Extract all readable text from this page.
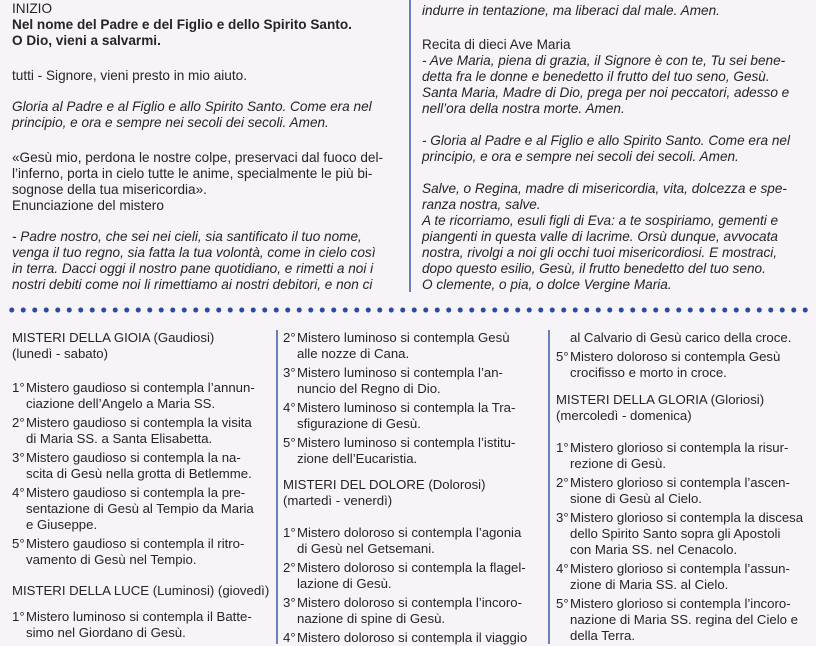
INIZIO

Nel nome del Padre e del Figlio e dello Spirito Santo.

O Dio, vieni a salvarmi.

tutti - Signore, vieni presto in mio aiuto.

Gloria al Padre e al Figlio e allo Spirito Santo. Come era nel
principio, e ora e sempre nei secoli dei secoli. Amen.

«Gesù mio, perdona le nostre colpe, preservaci dal fuoco del-
l’inferno, porta in cielo tutte le anime, specialmente le più bi-
sognose della tua misericordia».

Enunciazione del mistero

- Padre nostro, che sei nei cieli, sia santificato il tuo nome,
venga il tuo regno, sia fatta la tua volontà, come in cielo così
in terra. Dacci oggi il nostro pane quotidiano, e rimetti a noi i
nostri debiti come noi li rimettiamo ai nostri debitori, e non ci

indurre in tentazione, ma liberaci dal male. Amen.

Recita di dieci Ave Maria

- Ave Maria, piena di grazia, il Signore è con te, Tu sei bene-
detta fra le donne e benedetto il frutto del tuo seno, Gesù.
Santa Maria, Madre di Dio, prega per noi peccatori, adesso e
nell’ora della nostra morte. Amen.

- Gloria al Padre e al Figlio e allo Spirito Santo. Come era nel
principio, e ora e sempre nei secoli dei secoli. Amen.

Salve, o Regina, madre di misericordia, vita, dolcezza e spe-
ranza nostra, salve.
A te ricorriamo, esuli figli di Eva: a te sospiriamo, gementi e
piangenti in questa valle di lacrime. Orsù dunque, avvocata
nostra, rivolgi a noi gli occhi tuoi misericordiosi. E mostraci,
dopo questo esilio, Gesù, il frutto benedetto del tuo seno.
O clemente, o pia, o dolce Vergine Maria.

MISTERI DELLA GIOIA (Gaudiosi)

(lunedì - sabato)

1° Mistero gaudioso si contempla l’annun-
ciazione dell’Angelo a Maria SS.
2° Mistero gaudioso si contempla la visita
di Maria SS. a Santa Elisabetta.
3° Mistero gaudioso si contempla la na-
scita di Gesù nella grotta di Betlemme.
4° Mistero gaudioso si contempla la pre-
sentazione di Gesù al Tempio da Maria
e Giuseppe.
5° Mistero gaudioso si contempla il ritro-
vamento di Gesù nel Tempio.

MISTERI DELLA LUCE (Luminosi) (giovedì)

1° Mistero luminoso si contempla il Batte-
simo nel Giordano di Gesù.
2° Mistero luminoso si contempla Gesù
alle nozze di Cana.
3° Mistero luminoso si contempla l’an-
nuncio del Regno di Dio.
4° Mistero luminoso si contempla la Tra-
sfigurazione di Gesù.
5° Mistero luminoso si contempla l’istitu-
zione dell’Eucaristia.

MISTERI DEL DOLORE (Dolorosi)

(martedì - venerdì)

1° Mistero doloroso si contempla l’agonia
di Gesù nel Getsemani.
2° Mistero doloroso si contempla la flagel-
lazione di Gesù.
3° Mistero doloroso si contempla l’incoro-
nazione di spine di Gesù.
4° Mistero doloroso si contempla il viaggio
al Calvario di Gesù carico della croce.
5° Mistero doloroso si contempla Gesù
crocifisso e morto in croce.

MISTERI DELLA GLORIA (Gloriosi)

(mercoledì - domenica)

1° Mistero glorioso si contempla la risur-
rezione di Gesù.
2° Mistero glorioso si contempla l’ascen-
sione di Gesù al Cielo.
3° Mistero glorioso si contempla la discesa
dello Spirito Santo sopra gli Apostoli
con Maria SS. nel Cenacolo.
4° Mistero glorioso si contempla l’assun-
zione di Maria SS. al Cielo.
5° Mistero glorioso si contempla l’incoro-
nazione di Maria SS. regina del Cielo e
della Terra.
